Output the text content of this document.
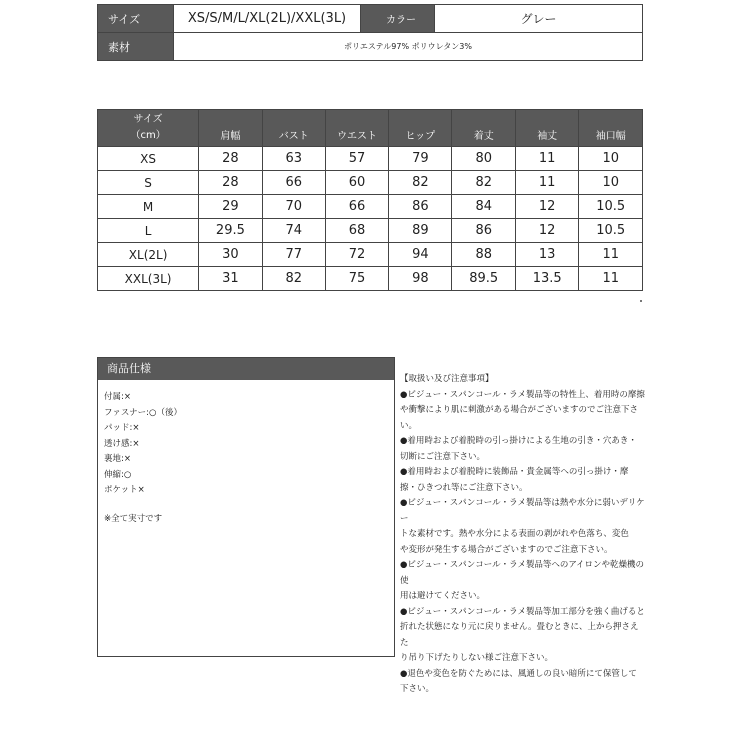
サイズ	XS/S/M/L/XL(2L)/XXL(3L)	カラー	グレー
素材	ポリエステル97% ポリウレタン3%		
サイズ
（cm）	肩幅	バスト	ウエスト	ヒップ	着丈	袖丈	袖口幅
XS	28	63	57	79	80	11	10
S	28	66	60	82	82	11	10
M	29	70	66	86	84	12	10.5
L	29.5	74	68	89	86	12	10.5
XL(2L)	30	77	72	94	88	13	11
XXL(3L)	31	82	75	98	89.5	13.5	11
商品仕様
付属:×
ファスナー:○（後）
パッド:×
透け感:×
裏地:×
伸縮:○
ポケット×
※全て実寸です

【取扱い及び注意事項】

●ビジュー・スパンコール・ラメ製品等の特性上、着用時の摩擦
や衝撃により肌に刺激がある場合がございますのでご注意下さ
い。
●着用時および着脱時の引っ掛けによる生地の引き・穴あき・
切断にご注意下さい。
●着用時および着脱時に装飾品・貴金属等への引っ掛け・摩
擦・ひきつれ等にご注意下さい。
●ビジュー・スパンコール・ラメ製品等は熱や水分に弱いデリケー
トな素材です。熱や水分による表面の剥がれや色落ち、変色
や変形が発生する場合がございますのでご注意下さい。
●ビジュー・スパンコール・ラメ製品等へのアイロンや乾燥機の使
用は避けてください。
●ビジュー・スパンコール・ラメ製品等加工部分を強く曲げると
折れた状態になり元に戻りません。畳むときに、上から押さえた
り吊り下げたりしない様ご注意下さい。
●退色や変色を防ぐためには、風通しの良い暗所にて保管して
下さい。
